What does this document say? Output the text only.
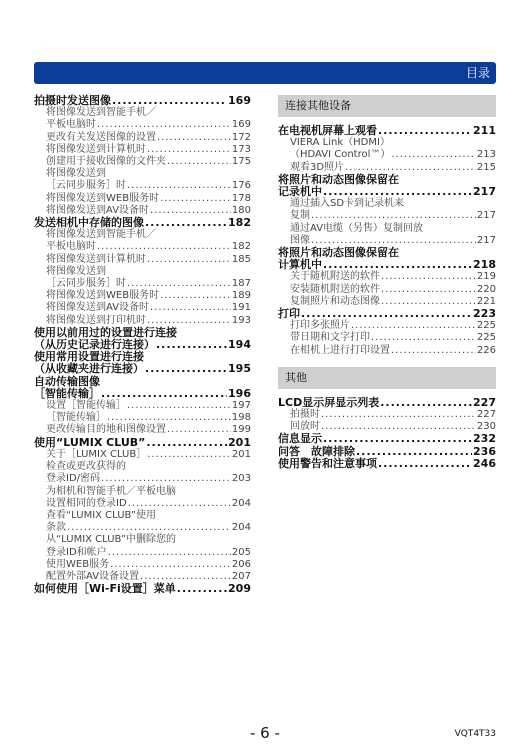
目录
拍摄时发送图像 .....	169
将图像发送到智能手机／
平板电脑时 .....	169
更改有关发送图像的设置 .....	172
将图像发送到计算机时 .....	173
创建用于接收图像的文件夹 .....	175
将图像发送到
［云同步服务］时 .....	176
将图像发送到WEB服务时 .....	178
将图像发送到AV设备时 .....	180
发送相机中存储的图像 .....	182
将图像发送到智能手机／
平板电脑时 .....	182
将图像发送到计算机时 .....	185
将图像发送到
［云同步服务］时 .....	187
将图像发送到WEB服务时 .....	189
将图像发送到AV设备时 .....	191
将图像发送到打印机时 .....	193
使用以前用过的设置进行连接
（从历史记录进行连接） .....	194
使用常用设置进行连接
（从收藏夹进行连接） .....	195
自动传输图像
［智能传输］ .....	196
设置［智能传输］ .....	197
［智能传输］ .....	198
更改传输目的地和图像设置 .....	199
使用“LUMIX CLUB” .....	201
关于［LUMIX CLUB］ .....	201
检查或更改获得的
登录ID/密码 .....	203
为相机和智能手机／平板电脑
设置相同的登录ID .....	204
查看“LUMIX CLUB”使用
条款 .....	204
从“LUMIX CLUB”中删除您的
登录ID和帐户 .....	205
使用WEB服务 .....	206
配置外部AV设备设置 .....	207
如何使用［Wi-Fi设置］菜单 .....	209
连接其他设备
在电视机屏幕上观看 .....	211
VIERA Link（HDMI）
（HDAVI Control™） .....	213
观看3D照片 .....	215
将照片和动态图像保留在
记录机中 .....	217
通过插入SD卡到记录机来
复制 .....	217
通过AV电缆（另售）复制回放
图像 .....	217
将照片和动态图像保留在
计算机中 .....	218
关于随机附送的软件 .....	219
安装随机附送的软件 .....	220
复制照片和动态图像 .....	221
打印 .....	223
打印多张照片 .....	225
带日期和文字打印 .....	225
在相机上进行打印设置 .....	226
其他
LCD显示屏显示列表 .....	227
拍摄时 .....	227
回放时 .....	230
信息显示 .....	232
问答　故障排除 .....	236
使用警告和注意事项 .....	246
- 6 -	VQT4T33
